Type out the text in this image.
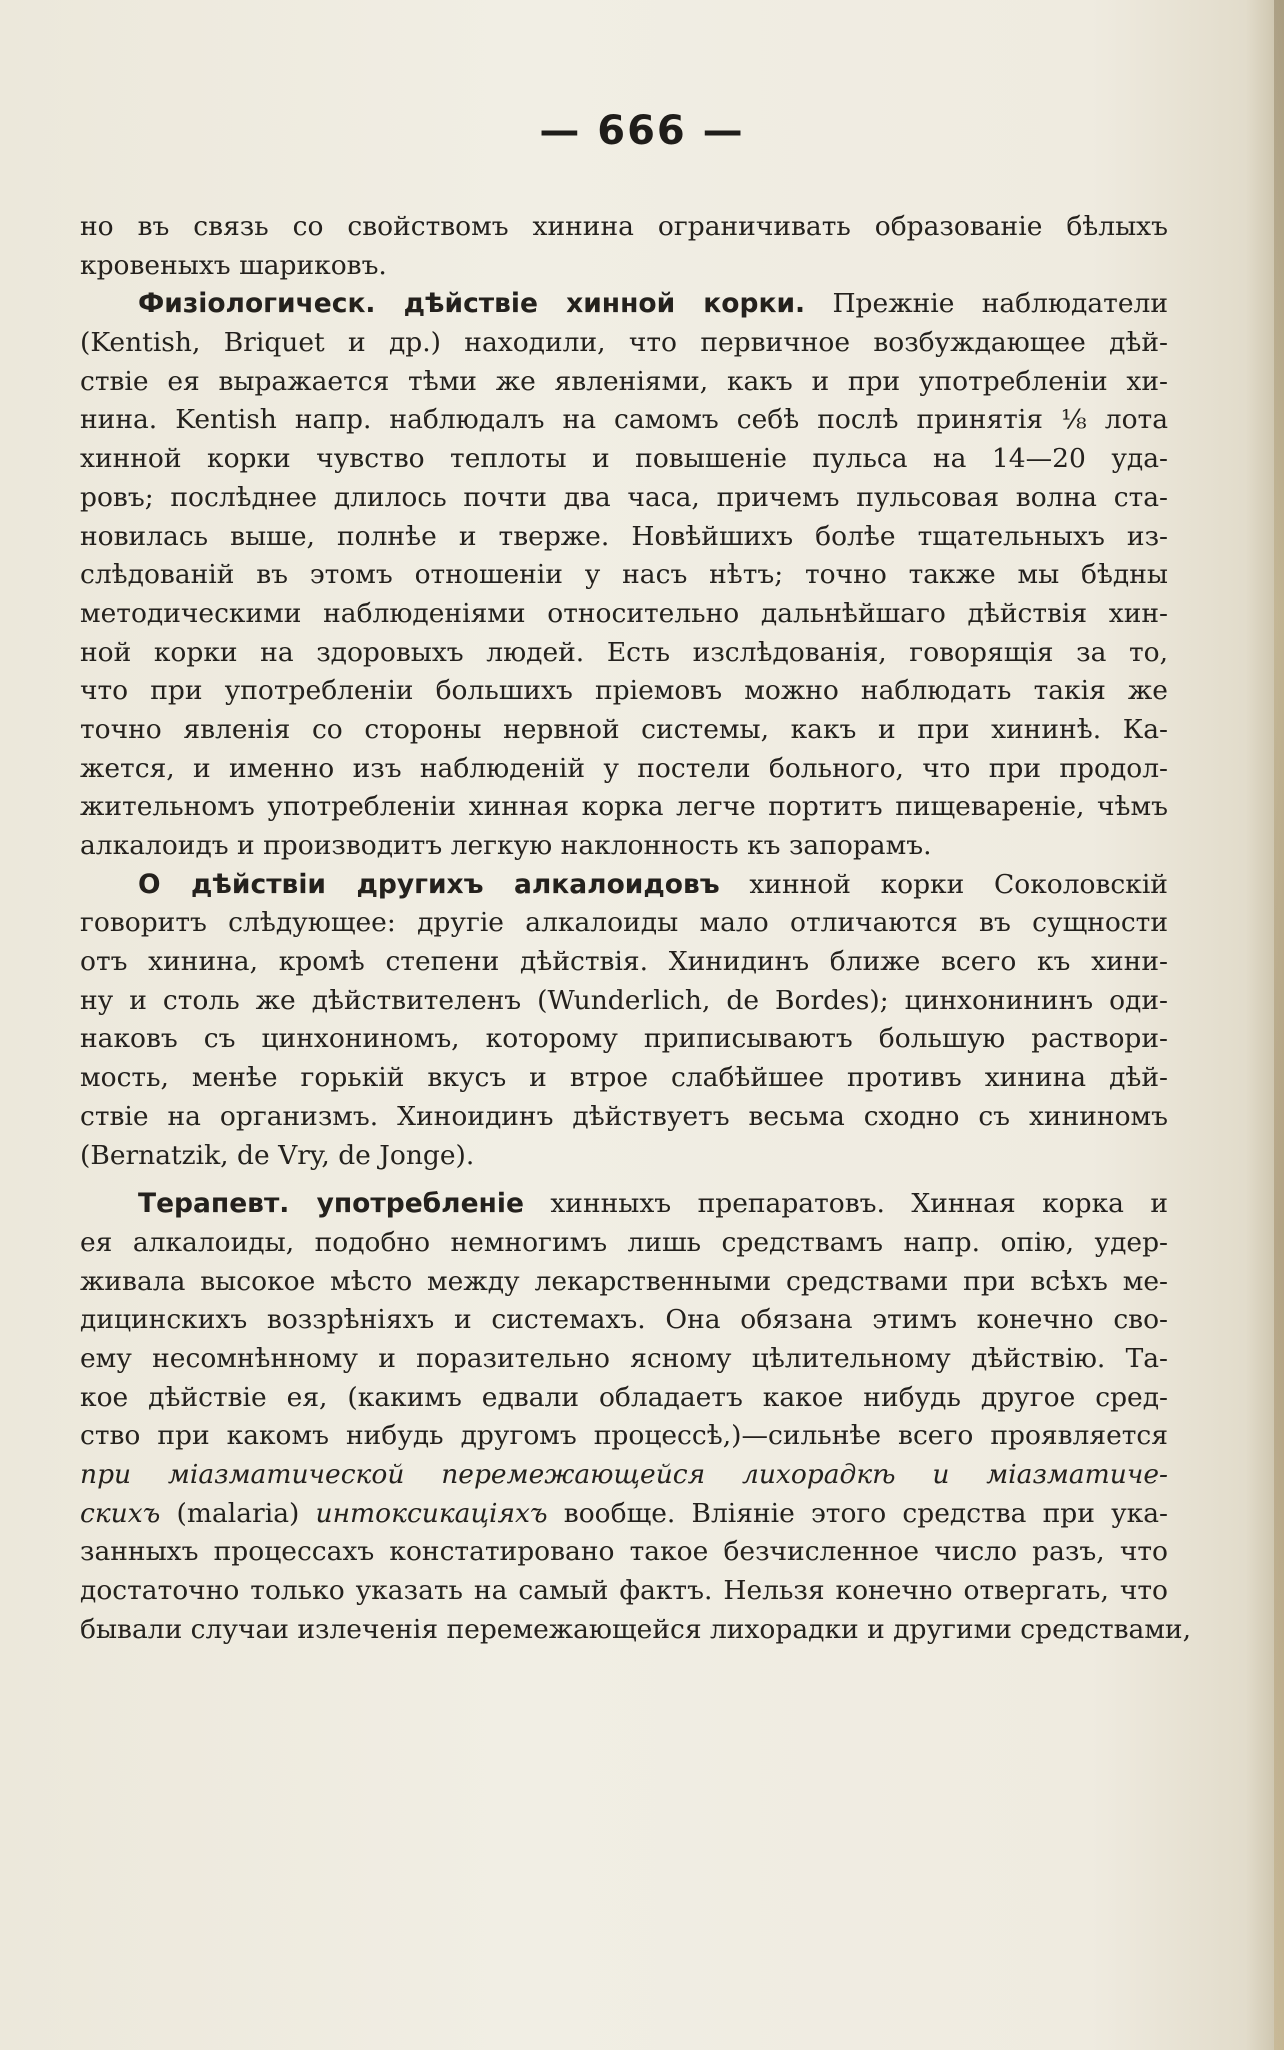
— 666 —
но въ связь со свойствомъ хинина ограничивать образованіе бѣлыхъ
кровеныхъ шариковъ.
Физiологическ. дѣйствiе хинной корки. Прежніе наблюдатели
(Kentish, Briquet и др.) находили, что первичное возбуждающее дѣй-
ствіе ея выражается тѣми же явленіями, какъ и при употребленіи хи-
нина. Kentish напр. наблюдалъ на самомъ себѣ послѣ принятія ⅛ лота
хинной корки чувство теплоты и повышеніе пульса на 14—20 уда-
ровъ; послѣднее длилось почти два часа, причемъ пульсовая волна ста-
новилась выше, полнѣе и тверже. Новѣйшихъ болѣе тщательныхъ из-
слѣдованій въ этомъ отношеніи у насъ нѣтъ; точно также мы бѣдны
методическими наблюденіями относительно дальнѣйшаго дѣйствія хин-
ной корки на здоровыхъ людей. Есть изслѣдованія, говорящія за то,
что при употребленіи большихъ пріемовъ можно наблюдать такія же
точно явленія со стороны нервной системы, какъ и при хининѣ. Ка-
жется, и именно изъ наблюденій у постели больного, что при продол-
жительномъ употребленіи хинная корка легче портитъ пищевареніе, чѣмъ
алкалоидъ и производитъ легкую наклонность къ запорамъ.
О дѣйствіи другихъ алкалоидовъ хинной корки Соколовскій
говоритъ слѣдующее: другіе алкалоиды мало отличаются въ сущности
отъ хинина, кромѣ степени дѣйствія. Хинидинъ ближе всего къ хини-
ну и столь же дѣйствителенъ (Wunderlich, de Bordes); цинхонининъ оди-
наковъ съ цинхониномъ, которому приписываютъ большую раствори-
мость, менѣе горькій вкусъ и втрое слабѣйшее противъ хинина дѣй-
ствіе на организмъ. Хиноидинъ дѣйствуетъ весьма сходно съ хининомъ
(Bernatzik, de Vry, de Jonge).
Терапевт. употребленіе хинныхъ препаратовъ. Хинная корка и
ея алкалоиды, подобно немногимъ лишь средствамъ напр. опію, удер-
живала высокое мѣсто между лекарственными средствами при всѣхъ ме-
дицинскихъ воззрѣніяхъ и системахъ. Она обязана этимъ конечно сво-
ему несомнѣнному и поразительно ясному цѣлительному дѣйствію. Та-
кое дѣйствіе ея, (какимъ едвали обладаетъ какое нибудь другое сред-
ство при какомъ нибудь другомъ процессѣ,)—сильнѣе всего проявляется
при міазматической перемежающейся лихорадкѣ и міазматиче-
скихъ (malaria) интоксикаціяхъ вообще. Вліяніе этого средства при ука-
занныхъ процессахъ констатировано такое безчисленное число разъ, что
достаточно только указать на самый фактъ. Нельзя конечно отвергать, что
бывали случаи излеченія перемежающейся лихорадки и другими средствами,
